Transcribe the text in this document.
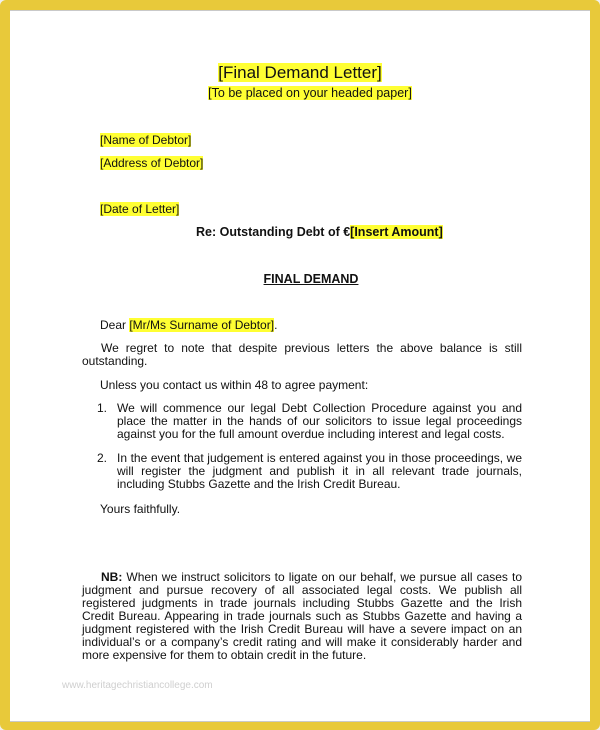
[Final Demand Letter]
[To be placed on your headed paper]
[Name of Debtor]
[Address of Debtor]
[Date of Letter]
Re: Outstanding Debt of €[Insert Amount]
FINAL DEMAND
Dear [Mr/Ms Surname of Debtor].
We regret to note that despite previous letters the above balance is still outstanding.
Unless you contact us within 48 to agree payment:
1. We will commence our legal Debt Collection Procedure against you and place the matter in the hands of our solicitors to issue legal proceedings against you for the full amount overdue including interest and legal costs.
2. In the event that judgement is entered against you in those proceedings, we will register the judgment and publish it in all relevant trade journals, including Stubbs Gazette and the Irish Credit Bureau.
Yours faithfully.
NB: When we instruct solicitors to ligate on our behalf, we pursue all cases to judgment and pursue recovery of all associated legal costs. We publish all registered judgments in trade journals including Stubbs Gazette and the Irish Credit Bureau. Appearing in trade journals such as Stubbs Gazette and having a judgment registered with the Irish Credit Bureau will have a severe impact on an individual’s or a company’s credit rating and will make it considerably harder and more expensive for them to obtain credit in the future.
www.heritagechristiancollege.com
